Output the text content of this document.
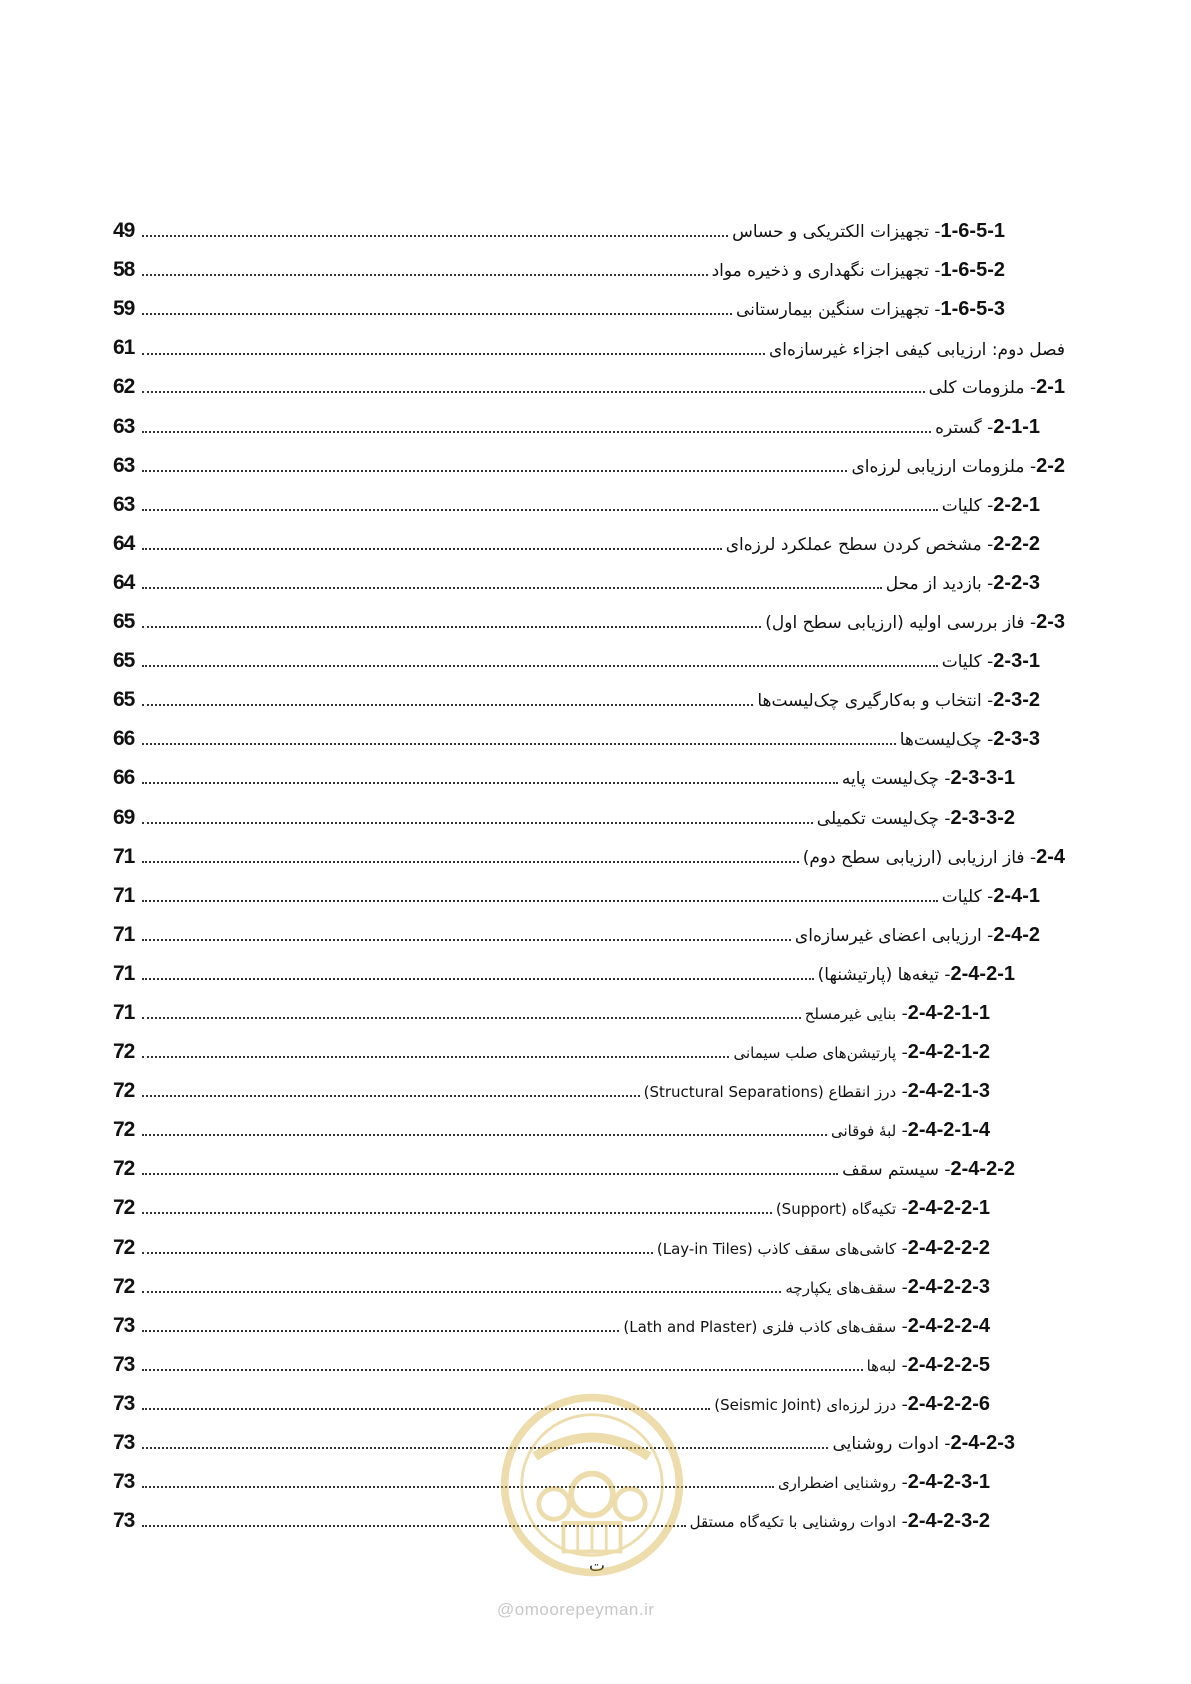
49	1-6-5-1- تجهیزات الکتریکی و حساس
58	1-6-5-2- تجهیزات نگهداری و ذخیره مواد
59	1-6-5-3- تجهیزات سنگین بیمارستانی
61	فصل دوم: ارزیابی کیفی اجزاء غیرسازه‌ای
62	2-1- ملزومات کلی
63	2-1-1- گستره
63	2-2- ملزومات ارزیابی لرزه‌ای
63	2-2-1- کلیات
64	2-2-2- مشخص کردن سطح عملکرد لرزه‌ای
64	2-2-3- بازدید از محل
65	2-3- فاز بررسی اولیه (ارزیابی سطح اول)
65	2-3-1- کلیات
65	2-3-2- انتخاب و به‌کارگیری چک‌لیست‌ها
66	2-3-3- چک‌لیست‌ها
66	2-3-3-1- چک‌لیست پایه
69	2-3-3-2- چک‌لیست تکمیلی
71	2-4- فاز ارزیابی (ارزیابی سطح دوم)
71	2-4-1- کلیات
71	2-4-2- ارزیابی اعضای غیرسازه‌ای
71	2-4-2-1- تیغه‌ها (پارتیشنها)
71	2-4-2-1-1- بنایی غیرمسلح
72	2-4-2-1-2- پارتیشن‌های صلب سیمانی
72	2-4-2-1-3- درز انقطاع (Structural Separations)
72	2-4-2-1-4- لبهٔ فوقانی
72	2-4-2-2- سیستم سقف
72	2-4-2-2-1- تکیه‌گاه (Support)
72	2-4-2-2-2- کاشی‌های سقف کاذب (Lay-in Tiles)
72	2-4-2-2-3- سقف‌های یکپارچه
73	2-4-2-2-4- سقف‌های کاذب فلزی (Lath and Plaster)
73	2-4-2-2-5- لبه‌ها
73	2-4-2-2-6- درز لرزه‌ای (Seismic Joint)
73	2-4-2-3- ادوات روشنایی
73	2-4-2-3-1- روشنایی اضطراری
73	2-4-2-3-2- ادوات روشنایی با تکیه‌گاه مستقل
ت
@omoorepeyman.ir
